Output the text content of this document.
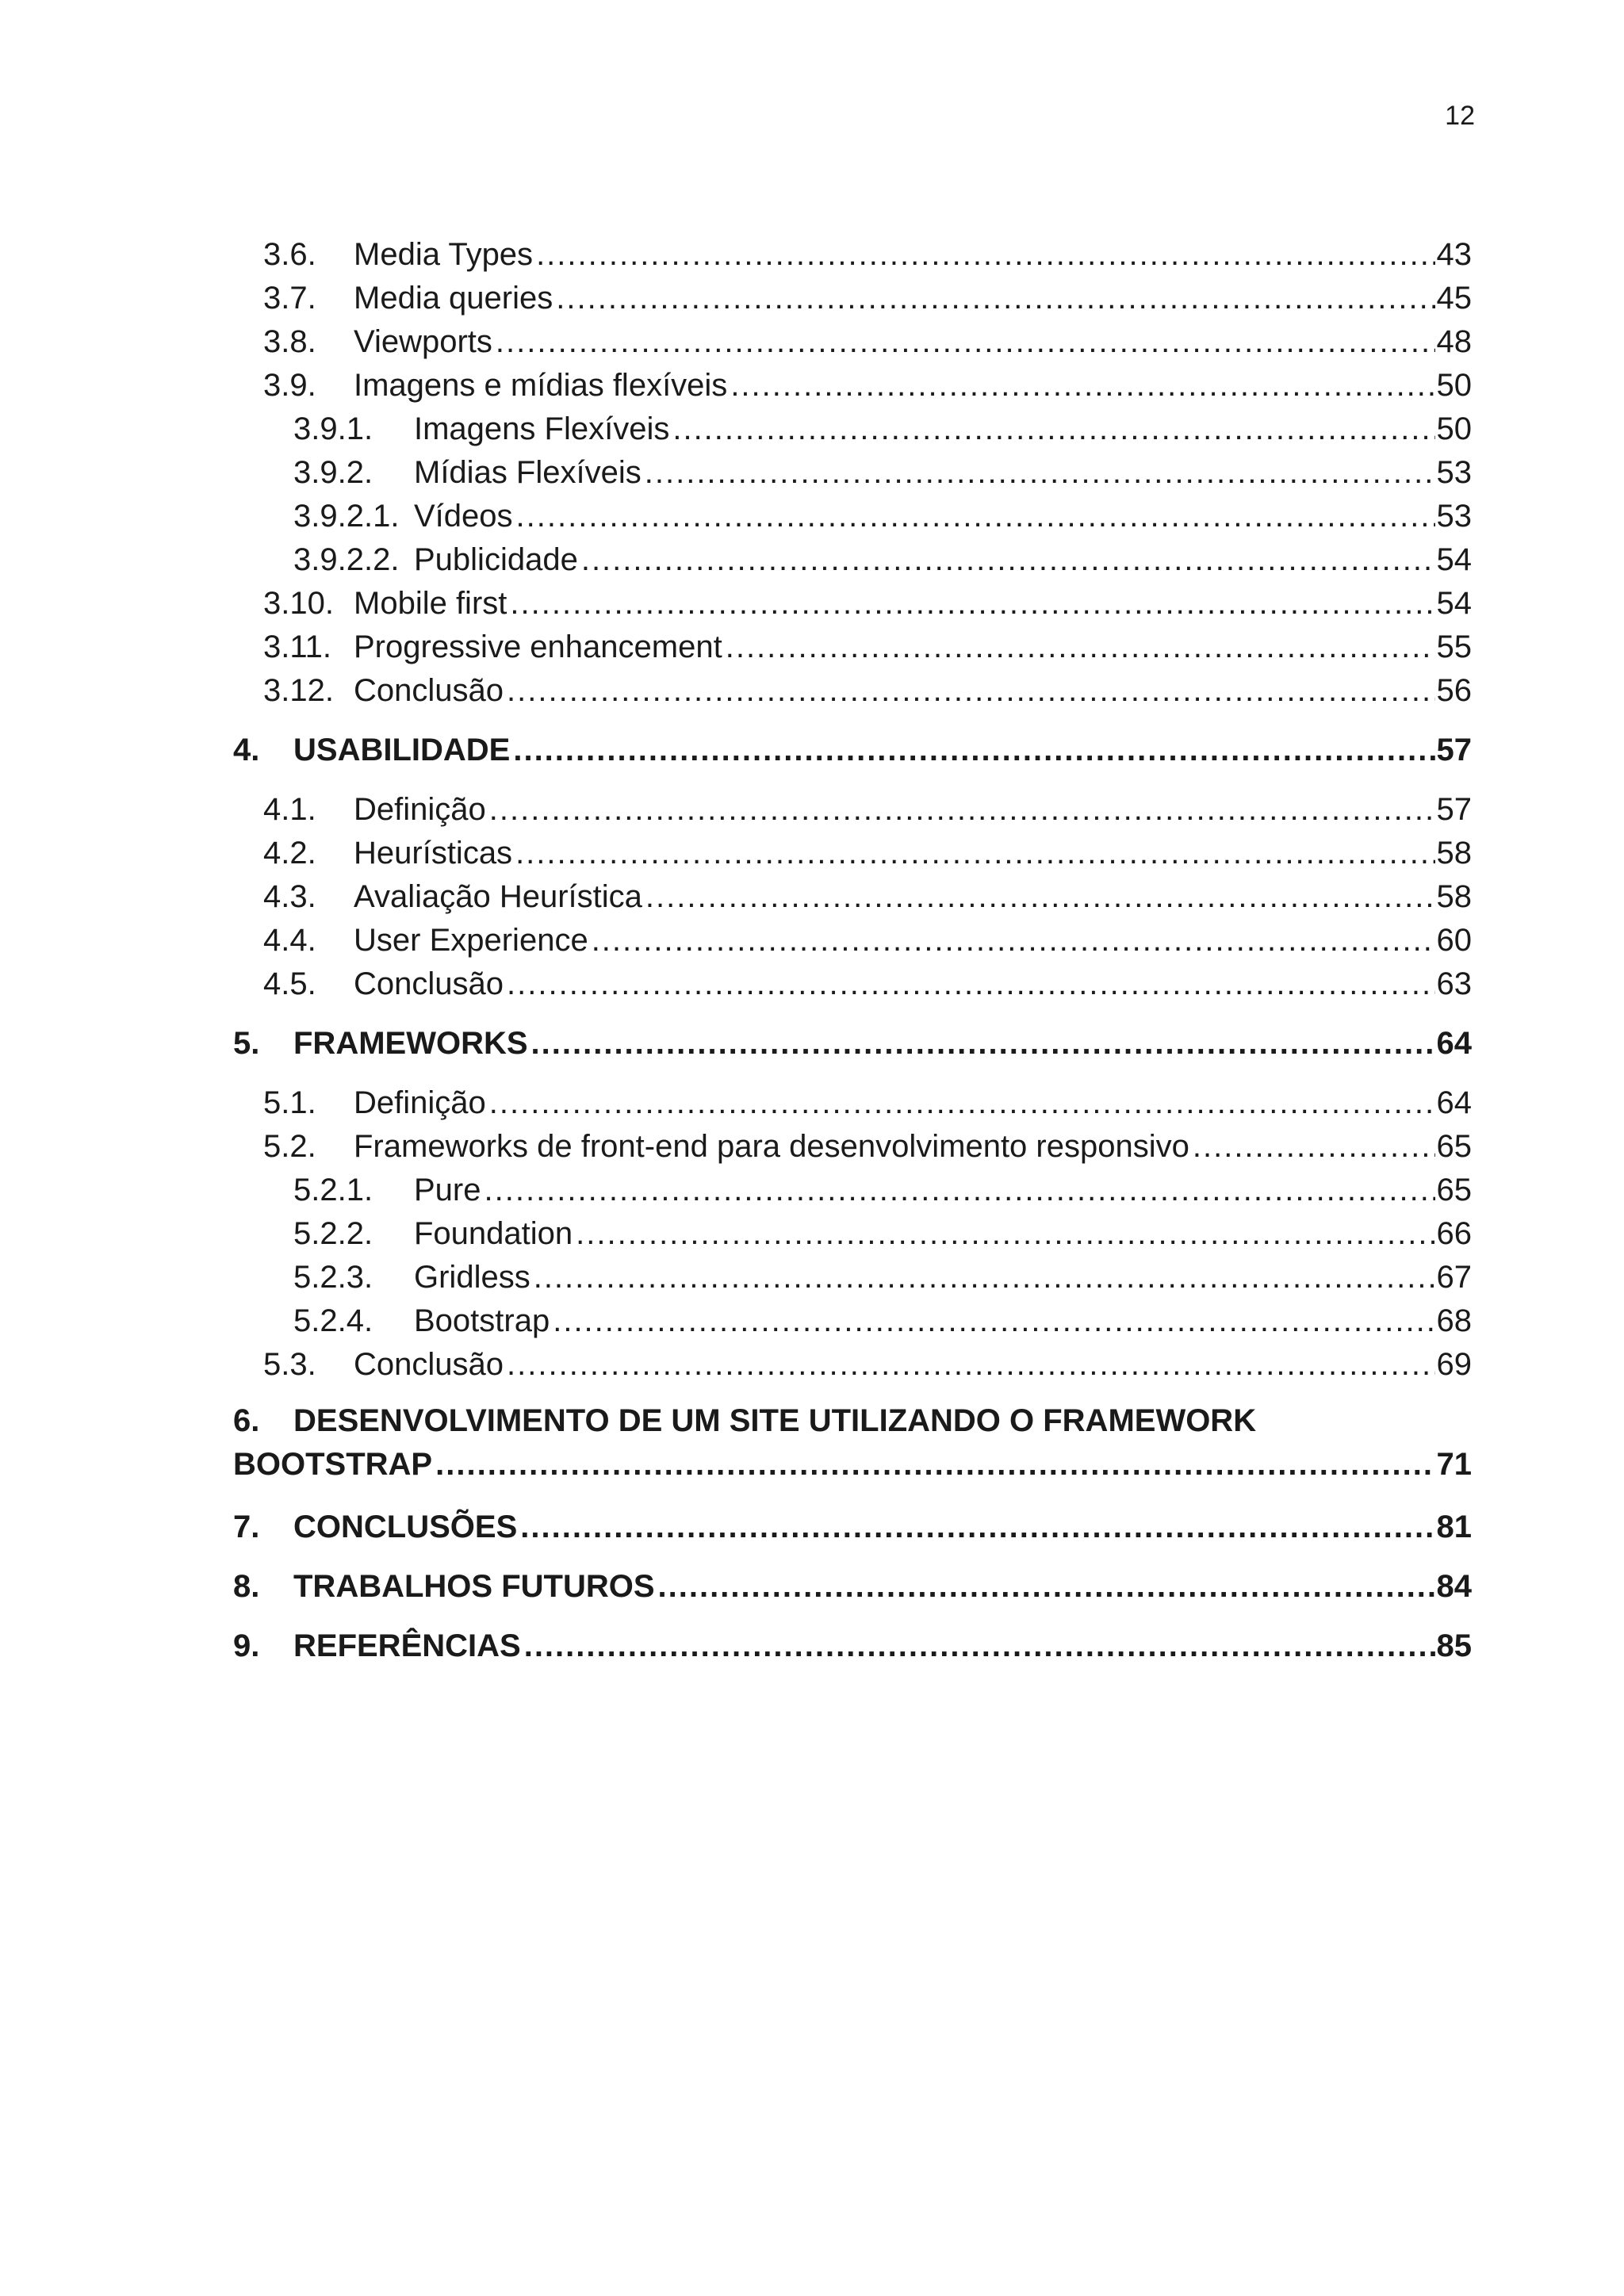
12
3.6.	Media Types .....	43
3.7.	Media queries .....	45
3.8.	Viewports .....	48
3.9.	Imagens e mídias flexíveis .....	50
3.9.1.	Imagens Flexíveis .....	50
3.9.2.	Mídias Flexíveis .....	53
3.9.2.1. Vídeos .....	53
3.9.2.2. Publicidade .....	54
3.10. Mobile first .....	54
3.11. Progressive enhancement .....	55
3.12. Conclusão .....	56
4.	USABILIDADE .....	57
4.1.	Definição .....	57
4.2.	Heurísticas .....	58
4.3.	Avaliação Heurística .....	58
4.4.	User Experience .....	60
4.5.	Conclusão .....	63
5.	FRAMEWORKS .....	64
5.1.	Definição .....	64
5.2.	Frameworks de front-end para desenvolvimento responsivo .....	65
5.2.1.	Pure .....	65
5.2.2.	Foundation .....	66
5.2.3.	Gridless .....	67
5.2.4.	Bootstrap .....	68
5.3.	Conclusão .....	69
6. DESENVOLVIMENTO DE UM SITE UTILIZANDO O FRAMEWORK
BOOTSTRAP .....	71
7.	CONCLUSÕES .....	81
8.	TRABALHOS FUTUROS .....	84
9.	REFERÊNCIAS .....	85
